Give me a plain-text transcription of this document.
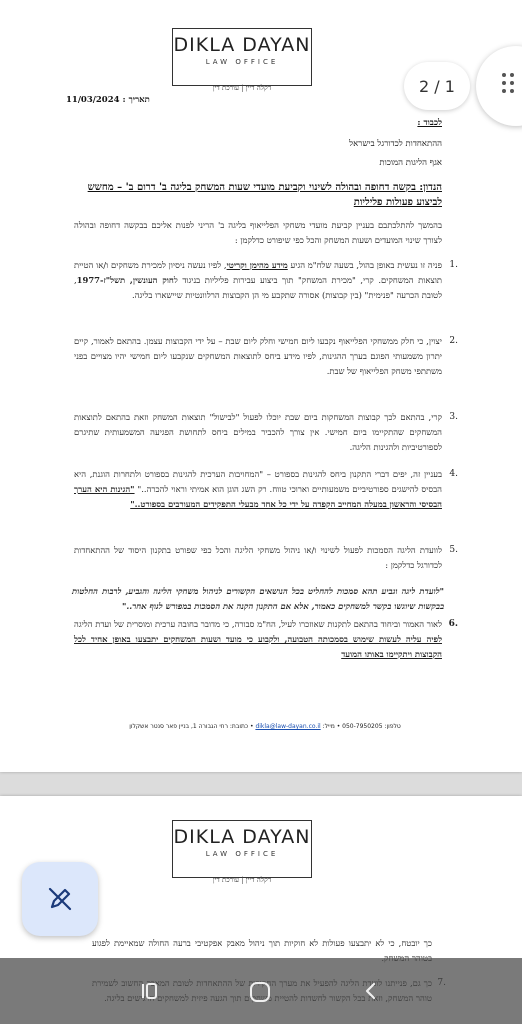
DIKLA DAYAN
LAW OFFICE
דקלה דיין | עורכת דין
תאריך : 11/03/2024
לכבוד :
ההתאחדות לכדורגל בישראל
אגף הליגות המוכות
הנדון: בקשה דחופה ובהולה לשינוי וקביעת מועדי שעות המשחק בליגה ב' דרום ב' – מחשש לביצוע פעולות פליליות
בהמשך להתלכתבם בעניין קביעת מועדי משחקי הפלייאוף בליגה ב' הריני לפנות אליכם בבקשה דחופה ובהולה לצורך שינוי המועדים ושעות המשחק והכל כפי שיפורט כדלקמן :
.1
פניה זו נעשית באופן בהול, בשעה שלח"מ הגיע מידע מהימן וקריטי, לפיו נעשה ניסיון למכירת משחקים ו/או הטיית תוצאות המשחקים. קרי, "מכירת המשחק" תוך ביצוע עבירות פליליות בניגוד לחוק העונשין, תשל"ז-1977, לטובת הכרעה "פנימית" (בין קבוצות) אסורה שתקבע מי הן הקבוצות הרלוונטיות שיישארו בליגה.
.2
יצוין, כי חלק ממשחקי הפלייאוף נקבעו ליום חמישי וחלק ליום שבת – על ידי הקבוצות עצמן. בהתאם לאמור, קיים יתרון משמעותי הפוגם בערך ההגינות, לפיו מידע ביחס לתוצאות המשחקים שנקבעו ליום חמישי יהיו מצויים בפני משתתפי משחק הפלייאוף של שבת.
.3
קרי, בהתאם לכך קבוצות המשחקות ביום שבת יוכלו לפעול "לבישול" תוצאות המשחק וזאת בהתאם לתוצאות המשחקים שהתקיימו ביום חמישי. אין צורך להכביר במילים ביחס לתחושת הפגיעה המשמעותית שתיגרם לספורטיביות ולהגינות הליגה.
.4
בעניין זה, יפים דברי התקנון ביחס להגינות בספורט – "המחויבות הערכית להגינות בספורט ולתחרות הוגנת, היא הבסיס להישגים ספורטיביים משמעותיים וארוכי טווח. רק השג הוגן הוא אמיתי וראוי להכרה.." "הגינות היא הערך הבסיסי והראשון במעלה המחייב הקפדה על ידי כל אחד מבעלי התפקידים המעורבים בספורט.."
.5
לוועדת הליגה הסמכות לפעול לשינוי ו/או ניהול משחקי הליגה והכל כפי שפורט בתקנון היסוד של ההתאחדות לכדורגל כדלקמן :
"לועדת ליגה וגביע תהא סמכות להחליט בכל הנושאים הקשורים לניהול משחקי הליגה והגביע, לרבות החלטות בבקשות שיוגשו בקשר למשחקים כאמור, אלא אם התקנון הקנה את הסמכות במפורש לגוף אחר.."
.6
לאור האמור וביחוד בהתאם לתקנות שאוזכרו לעיל, הח"מ סבורה, כי מדובר בחובה ערכית ומוסרית של ועדת הליגה לפיה עליה לעשות שימוש בסמכותה הטבועה, ולקבוע כי מועד ושעות המשחקים יתבצעו באופן אחיד לכל הקבוצות ויתקיימו באותו המועד
טלפון: 050-7950205 • מייל: dikla@law-dayan.co.il • כתובת: רחי הגבורה 1, בניין פאר סנטר אשקלון
DIKLA DAYAN
LAW OFFICE
דקלה דיין | עורכת דין
כך יובטח, כי לא יתבצעו פעולות לא חוקיות תוך ניהול מאבק אפקטיבי ברעה החולה שמאיימת לפגוע
2 / 1
